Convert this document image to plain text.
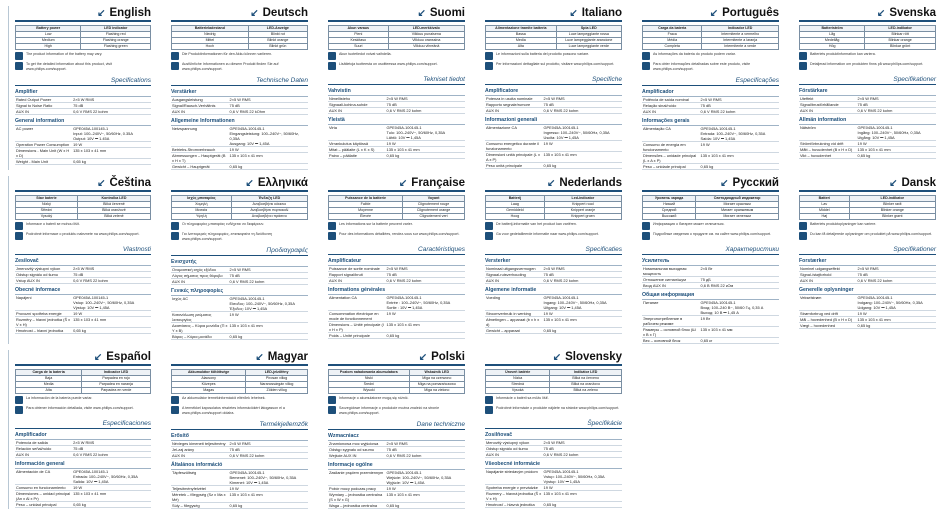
↙ English
Battery power	LED indicator
Low	Flashing red
Medium	Flashing orange
High	Flashing green
The product information of the battery may vary.
To get the detailed information about this product, visit www.philips.com/support.
Specifications
Amplifier
Rated Output Power	2×5 W RMS
Signal to Noise Ratio	75 dB
AUX IN	0,6 V RMS 22 kohm
General information
AC power	GPE045A-100145-1
Input: 100–240V~, 50/60Hz, 0.35A
Output: 10V ⎓ 1.45A
Operation Power Consumption	19 W
Dimensions - Main Unit (W x H x D)	135 x 103 x 41 mm
Weight - Main Unit	0,65 kg
↙ Deutsch
Batterieladestand	LED-Anzeige
Niedrig	Blinkt rot
Mittel	Blinkt orange
Hoch	Blinkt grün
Die Produktinformationen für den Akku können variieren.
Ausführliche Informationen zu diesem Produkt finden Sie auf www.philips.com/support.
Technische Daten
Verstärker
Ausgangsleistung	2×5 W RMS
Signal/Rausch-Verhältnis	75 dB
AUX IN	0,6 V RMS 22 kOhm
Allgemeine Informationen
Netzspannung	GPE045A-100145-1
Eingangsleistung: 100–240V~, 50/60Hz, 0,35A
Ausgang: 10V ⎓ 1,45A
Betriebs-Stromverbrauch	19 W
Abmessungen – Hauptgerät (B x H x T)	135 x 103 x 41 mm
Gewicht – Hauptgerät	0,65 kg
↙ Suomi
Akun varaus	LED-merkkivalo
Pieni	Vilkkuu punaisena
Keskitaso	Vilkkuu oranssina
Suuri	Vilkkuu vihreänä
Akun tuotetiedot voivat vaihdella.
Lisätietoja tuotteesta on osoitteessa www.philips.com/support.
Tekniset tiedot
Vahvistin
Nimellisteho	2×5 W RMS
Signaali-kohina-suhde	75 dB
AUX IN	0,6 V RMS 22 kohm
Yleistä
Virta	GPE045A-100145-1
Tulo: 100–240V~, 50/60Hz, 0,35A
Lähtö: 10V ⎓ 1,45A
Virrankulutus käytössä	19 W
Mitat – päälaite (L x K x S)	135 x 103 x 41 mm
Paino – päälaite	0,65 kg
↙ Italiano
Alimentazione tramite batteria	Spia LED
Bassa	Luce lampeggiante rossa
Media	Luce lampeggiante arancione
Alta	Luce lampeggiante verde
Le informazioni sulla batteria del prodotto possono variare.
Per informazioni dettagliate sul prodotto, visitare www.philips.com/support.
Specifiche
Amplificatore
Potenza in uscita nominale	2×5 W RMS
Rapporto segnale/rumore	75 dB
AUX IN	0,6 V RMS 22 kohm
Informazioni generali
Alimentazione CA	GPE045A-100145-1
Ingresso: 100–240V~, 50/60Hz, 0,35A
Uscita: 10V ⎓ 1,45A
Consumo energetico durante il funzionamento	19 W
Dimensioni unità principale (L x A x P)	135 x 103 x 41 mm
Peso unità principale	0,65 kg
↙ Português
Carga da bateria	Indicador LED
Fraca	Intermitente a vermelho
Média	Intermitente a laranja
Completa	Intermitente a verde
As informações da bateria do produto podem variar.
Para obter informações detalhadas sobre este produto, visite www.philips.com/support.
Especificações
Amplificador
Potência de saída nominal	2×5 W RMS
Relação sinal/ruído	75 dB
AUX IN	0,6 V RMS 22 kohm
Informações gerais
Alimentação CA	GPE045A-100145-1
Entrada: 100–240V~, 50/60Hz, 0,35A
Saída: 10V ⎓ 1,45A
Consumo de energia em funcionamento	19 W
Dimensões – unidade principal (L x A x P)	135 x 103 x 41 mm
Peso – unidade principal	0,65 kg
↙ Svenska
Batteriström	LED-indikator
Låg	Blinkar rött
Medellåg	Blinkar orange
Hög	Blinkar grönt
Batteriets produktinformation kan variera.
Detaljerad information om produkten finns på www.philips.com/support.
Specifikationer
Förstärkare
Uteffekt	2×5 W RMS
Signal/brusförhållande	75 dB
AUX IN	0,6 V RMS 22 kohm
Allmän information
Nätström	GPE045A-100145-1
Ingång: 100–240V~, 50/60Hz, 0,35A
Utgång: 10V ⎓ 1,45A
Strömförbrukning vid drift	19 W
Mått – huvudenhet (B x H x D)	135 x 103 x 41 mm
Vikt – huvudenhet	0,65 kg
↙ Čeština
Stav baterie	Kontrolka LED
Nízký	Bliká červeně
Střední	Bliká oranžově
Vysoký	Bliká zeleně
Informace o baterii se mohou lišit.
Podrobné informace o produktu naleznete na www.philips.com/support.
Vlastnosti
Zesilovač
Jmenovitý výstupní výkon	2×5 W RMS
Odstup signálu od šumu	75 dB
Vstup AUX IN	0,6 V RMS 22 kohm
Obecné informace
Napájení	GPE045A-100145-1
Vstup: 100–240V~, 50/60Hz, 0,35A
Výstup: 10V ⎓ 1,45A
Provozní spotřeba energie	19 W
Rozměry – hlavní jednotka (Š x V x H)	135 x 103 x 41 mm
Hmotnost – hlavní jednotka	0,65 kg
↙ Ελληνικά
Ισχύς μπαταρίας	Ένδειξη LED
Χαμηλή	Αναβοσβήνει κόκκινο
Μεσαία	Αναβοσβήνει πορτοκαλί
Υψηλή	Αναβοσβήνει πράσινο
Οι πληροφορίες μπαταρίας ενδέχεται να διαφέρουν.
Για λεπτομερείς πληροφορίες, επισκεφτείτε τη διεύθυνση www.philips.com/support.
Προδιαγραφές
Ενισχυτής
Ονομαστική ισχύς εξόδου	2×5 W RMS
Λόγος σήματος προς θόρυβο	75 dB
AUX IN	0,6 V RMS 22 kohm
Γενικές πληροφορίες
Ισχύς AC	GPE045A-100145-1
Είσοδος: 100–240V~, 50/60Hz, 0,35A
Έξοδος: 10V ⎓ 1,45A
Κατανάλωση ρεύματος λειτουργίας	19 W
Διαστάσεις – Κύρια μονάδα (Π x Υ x Β)	135 x 103 x 41 mm
Βάρος – Κύρια μονάδα	0,65 kg
↙ Française
Puissance de la batterie	Voyant
Faible	Clignotement rouge
Moyenne	Clignotement orange
Élevée	Clignotement vert
Les informations sur la batterie peuvent varier.
Pour des informations détaillées, rendez-vous sur www.philips.com/support.
Caractéristiques
Amplificateur
Puissance de sortie nominale	2×5 W RMS
Rapport signal/bruit	75 dB
AUX IN	0,6 V RMS 22 kohm
Informations générales
Alimentation CA	GPE045A-100145-1
Entrée : 100–240V~, 50/60Hz, 0,35A
Sortie : 10V ⎓ 1,45A
Consommation électrique en mode de fonctionnement	19 W
Dimensions – Unité principale (l x H x P)	135 x 103 x 41 mm
Poids – Unité principale	0,65 kg
↙ Nederlands
Batterij	Led-indicator
Laag	Knippert rood
Gemiddeld	Knippert oranje
Hoog	Knippert groen
De batterij-informatie van het product kan variëren.
Ga voor gedetailleerde informatie naar www.philips.com/support.
Specificaties
Versterker
Nominaal uitgangsvermogen	2×5 W RMS
Signaal-ruisverhouding	75 dB
AUX IN	0,6 V RMS 22 kohm
Algemene informatie
Voeding	GPE045A-100145-1
Ingang: 100–240V~, 50/60Hz, 0,35A
Uitgang: 10V ⎓ 1,45A
Stroomverbruik in werking	19 W
Afmetingen – apparaat (b x h x d)	135 x 103 x 41 mm
Gewicht – apparaat	0,65 kg
↙ Русский
Уровень заряда	Светодиодный индикатор
Низкий	Мигает красным
Средний	Мигает оранжевым
Высокий	Мигает зеленым
Информация о батарее может отличаться.
Подробные сведения о продукте см. на сайте www.philips.com/support.
Характеристики
Усилитель
Номинальная выходная мощность	2×5 Вт
Отношение сигнал/шум	75 дБ
Вход AUX IN	0,6 В RMS 22 кОм
Общая информация
Питание	GPE045A-100145-1
Вход: 100–240 В~, 50/60 Гц, 0,35 А
Выход: 10 В ⎓ 1,45 А
Энергопотребление в рабочем режиме	19 Вт
Размеры – основной блок (Ш x В x Г)	135 x 103 x 41 мм
Вес – основной блок	0,65 кг
↙ Dansk
Batteri	LED-indikator
Lav	Blinker rødt
Middel	Blinker orange
Høj	Blinker grønt
Batteriets produktoplysninger kan variere.
Du kan få detaljerede oplysninger om produktet på www.philips.com/support.
Specifikationer
Forstærker
Nominel udgangseffekt	2×5 W RMS
Signal-/støjforhold	75 dB
AUX IN	0,6 V RMS 22 kohm
Generelle oplysninger
Vekselstrøm	GPE045A-100145-1
Indgang: 100–240V~, 50/60Hz, 0,35A
Udgang: 10V ⎓ 1,45A
Strømforbrug ved drift	19 W
Mål – hovedenhed (B x H x D)	135 x 103 x 41 mm
Vægt – hovedenhed	0,65 kg
↙ Español
Carga de la batería	Indicador LED
Baja	Parpadea en rojo
Media	Parpadea en naranja
Alta	Parpadea en verde
La información de la batería puede variar.
Para obtener información detallada, visite www.philips.com/support.
Especificaciones
Amplificador
Potencia de salida	2×5 W RMS
Relación señal/ruido	75 dB
AUX IN	0,6 V RMS 22 kohm
Información general
Alimentación de CA	GPE045A-100145-1
Entrada: 100–240V~, 50/60Hz, 0,35A
Salida: 10V ⎓ 1,45A
Consumo en funcionamiento	19 W
Dimensiones – unidad principal (An x Al x Pr)	135 x 103 x 41 mm
Peso – unidad principal	0,65 kg
↙ Magyar
Akkumulátor töltöttsége	LED-jelzőfény
Alacsony	Pirosan villog
Közepes	Narancssárgán villog
Magas	Zölden villog
Az akkumulátor termékinformációi eltérőek lehetnek.
A termékkel kapcsolatos részletes információkért látogasson el a www.philips.com/support oldalra.
Termékjellemzők
Erősítő
Névleges kimeneti teljesítmény	2×5 W RMS
Jel-zaj arány	75 dB
AUX IN	0,6 V RMS 22 kohm
Általános információ
Tápfeszültség	GPE045A-100145-1
Bemenet: 100–240V~, 50/60Hz, 0,35A
Kimenet: 10V ⎓ 1,45A
Teljesítményfelvétel	19 W
Méretek – főegység (Sz x Ma x Mé)	135 x 103 x 41 mm
Súly – főegység	0,65 kg
↙ Polski
Poziom naładowania akumulatora	Wskaźnik LED
Niski	Miga na czerwono
Średni	Miga na pomarańczowo
Wysoki	Miga na zielono
Informacje o akumulatorze mogą się różnić.
Szczegółowe informacje o produkcie można znaleźć na stronie www.philips.com/support.
Dane techniczne
Wzmacniacz
Znamionowa moc wyjściowa	2×5 W RMS
Odstęp sygnału od szumu	75 dB
Wejście AUX IN	0,6 V RMS 22 kohm
Informacje ogólne
Zasilanie prądem przemiennym	GPE045A-100145-1
Wejście: 100–240V~, 50/60Hz, 0,35A
Wyjście: 10V ⎓ 1,45A
Pobór mocy podczas pracy	19 W
Wymiary – jednostka centralna (S x W x G)	135 x 103 x 41 mm
Waga – jednostka centralna	0,65 kg
↙ Slovensky
Úroveň batérie	Indikátor LED
Nízka	Bliká na červeno
Stredná	Bliká na oranžovo
Vysoká	Bliká na zeleno
Informácie o batérii sa môžu líšiť.
Podrobné informácie o produkte nájdete na stránke www.philips.com/support.
Špecifikácie
Zosilňovač
Menovitý výstupný výkon	2×5 W RMS
Odstup signálu od šumu	75 dB
AUX IN	0,6 V RMS 22 kohm
Všeobecné informácie
Napájanie striedavým prúdom	GPE045A-100145-1
Vstup: 100–240V~, 50/60Hz, 0,35A
Výstup: 10V ⎓ 1,45A
Spotreba energie v prevádzke	19 W
Rozmery – hlavná jednotka (Š x V x H)	135 x 103 x 41 mm
Hmotnosť – hlavná jednotka	0,65 kg
